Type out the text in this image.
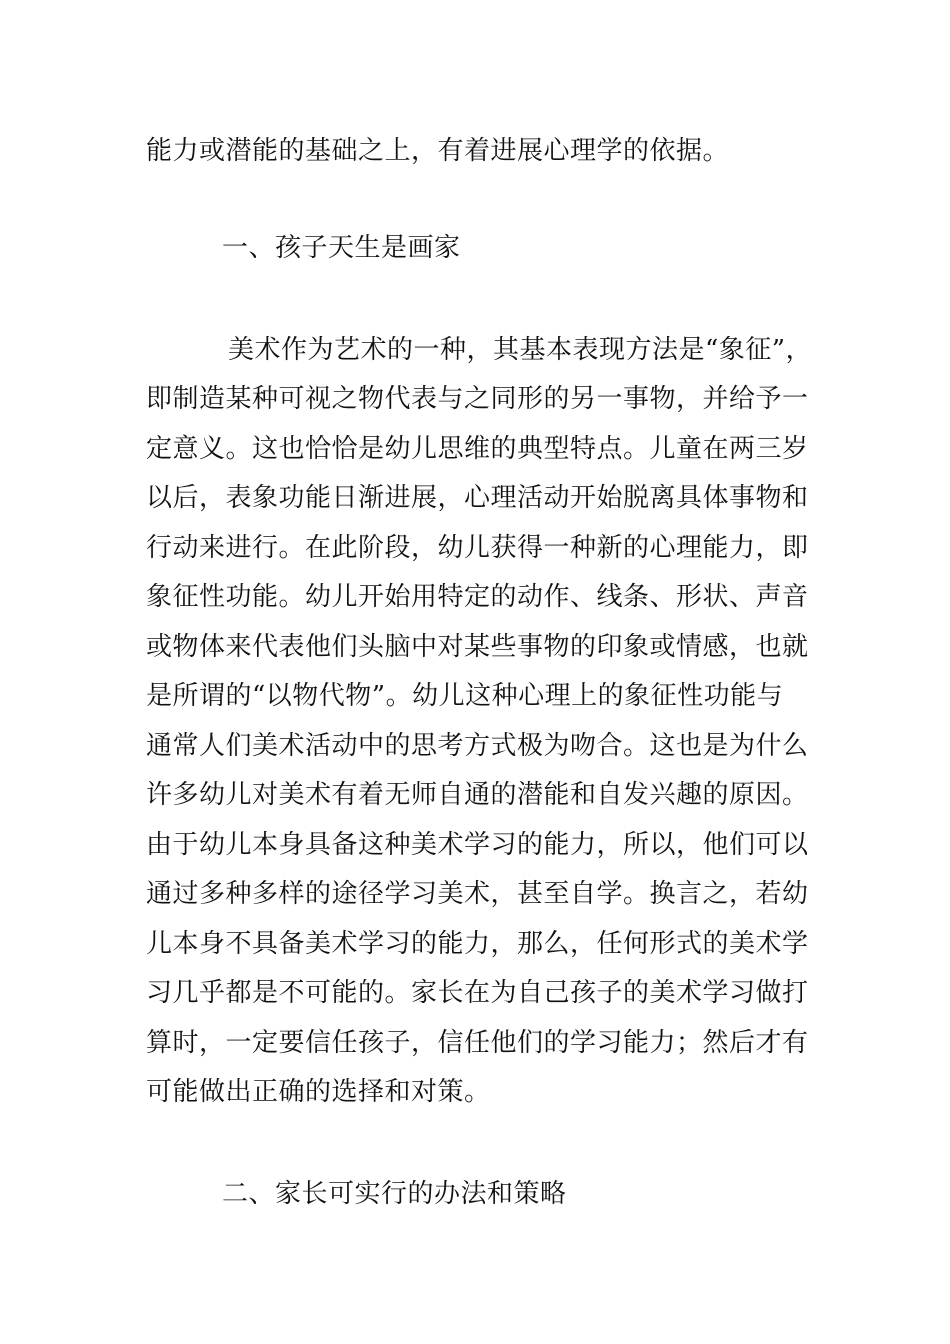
能力或潜能的基础之上，有着进展心理学的依据。
一、孩子天生是画家
美术作为艺术的一种，其基本表现方法是“象征”，
即制造某种可视之物代表与之同形的另一事物，并给予一
定意义。这也恰恰是幼儿思维的典型特点。儿童在两三岁
以后，表象功能日渐进展，心理活动开始脱离具体事物和
行动来进行。在此阶段，幼儿获得一种新的心理能力，即
象征性功能。幼儿开始用特定的动作、线条、形状、声音
或物体来代表他们头脑中对某些事物的印象或情感，也就
是所谓的“以物代物”。幼儿这种心理上的象征性功能与
通常人们美术活动中的思考方式极为吻合。这也是为什么
许多幼儿对美术有着无师自通的潜能和自发兴趣的原因。
由于幼儿本身具备这种美术学习的能力，所以，他们可以
通过多种多样的途径学习美术，甚至自学。换言之，若幼
儿本身不具备美术学习的能力，那么，任何形式的美术学
习几乎都是不可能的。家长在为自己孩子的美术学习做打
算时，一定要信任孩子，信任他们的学习能力；然后才有
可能做出正确的选择和对策。
二、家长可实行的办法和策略
